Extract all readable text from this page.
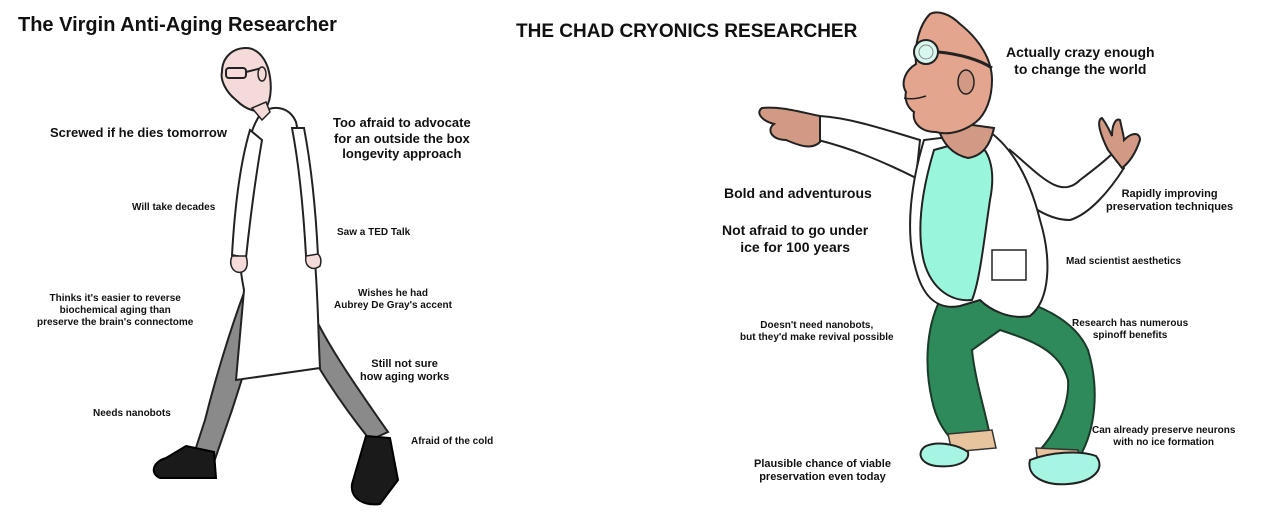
The Virgin Anti-Aging Researcher	THE CHAD CRYONICS RESEARCHER
Screwed if he dies tomorrow
Too afraid to advocate
for an outside the box
longevity approach
Will take decades
Saw a TED Talk
Thinks it's easier to reverse
biochemical aging than
preserve the brain's connectome
Wishes he had
Aubrey De Gray's accent
Still not sure
how aging works
Needs nanobots
Afraid of the cold
Actually crazy enough
to change the world
Bold and adventurous	Rapidly improving
preservation techniques
Not afraid to go under
ice for 100 years
Mad scientist aesthetics
Doesn't need nanobots,
but they'd make revival possible
Research has numerous
spinoff benefits
Can already preserve neurons
with no ice formation
Plausible chance of viable
preservation even today
